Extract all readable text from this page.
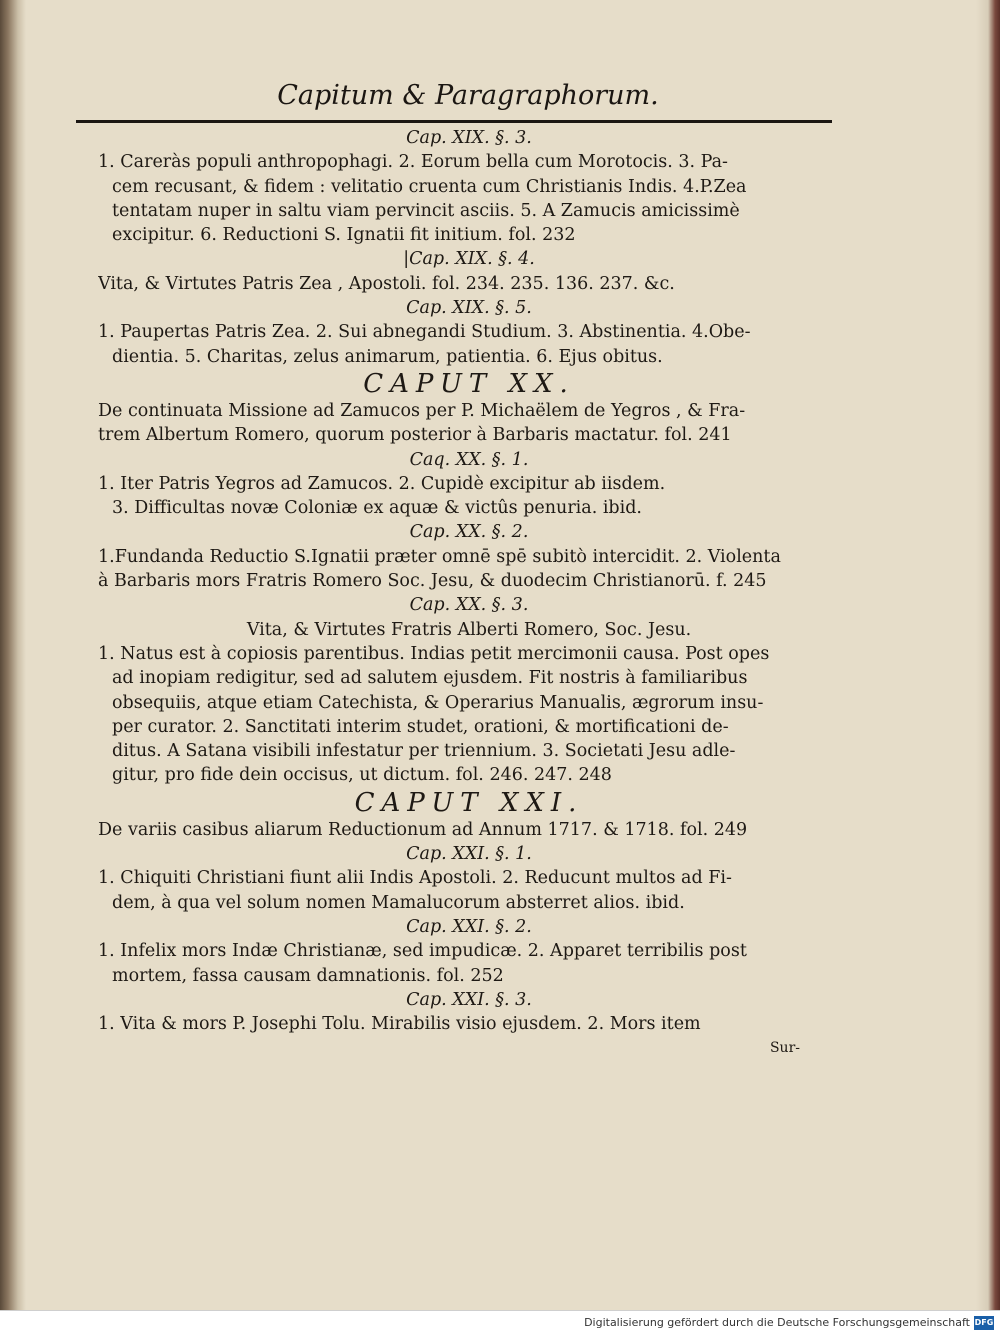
Capitum & Paragraphorum.
Cap. XIX. §. 3.
1. Careràs populi anthropophagi. 2. Eorum bella cum Morotocis. 3. Pa-
cem recusant, & fidem : velitatio cruenta cum Christianis Indis. 4.P.Zea
tentatam nuper in saltu viam pervincit asciis. 5. A Zamucis amicissimè
excipitur. 6. Reductioni S. Ignatii fit initium. fol. 232
|Cap. XIX. §. 4.
Vita, & Virtutes Patris Zea , Apostoli. fol. 234. 235. 136. 237. &c.
Cap. XIX. §. 5.
1. Paupertas Patris Zea. 2. Sui abnegandi Studium. 3. Abstinentia. 4.Obe-
dientia. 5. Charitas, zelus animarum, patientia. 6. Ejus obitus.
CAPUT XX.
De continuata Missione ad Zamucos per P. Michaëlem de Yegros , & Fra-
trem Albertum Romero, quorum posterior à Barbaris mactatur. fol. 241
Caq. XX. §. 1.
1. Iter Patris Yegros ad Zamucos. 2. Cupidè excipitur ab iisdem.
3. Difficultas novæ Coloniæ ex aquæ & victûs penuria. ibid.
Cap. XX. §. 2.
1.Fundanda Reductio S.Ignatii præter omnē spē subitò intercidit. 2. Violenta
à Barbaris mors Fratris Romero Soc. Jesu, & duodecim Christianorū. f. 245
Cap. XX. §. 3.
Vita, & Virtutes Fratris Alberti Romero, Soc. Jesu.
1. Natus est à copiosis parentibus. Indias petit mercimonii causa. Post opes
ad inopiam redigitur, sed ad salutem ejusdem. Fit nostris à familiaribus
obsequiis, atque etiam Catechista, & Operarius Manualis, ægrorum insu-
per curator. 2. Sanctitati interim studet, orationi, & mortificationi de-
ditus. A Satana visibili infestatur per triennium. 3. Societati Jesu adle-
gitur, pro fide dein occisus, ut dictum. fol. 246. 247. 248
CAPUT XXI.
De variis casibus aliarum Reductionum ad Annum 1717. & 1718. fol. 249
Cap. XXI. §. 1.
1. Chiquiti Christiani fiunt alii Indis Apostoli. 2. Reducunt multos ad Fi-
dem, à qua vel solum nomen Mamalucorum absterret alios. ibid.
Cap. XXI. §. 2.
1. Infelix mors Indæ Christianæ, sed impudicæ. 2. Apparet terribilis post
mortem, fassa causam damnationis. fol. 252
Cap. XXI. §. 3.
1. Vita & mors P. Josephi Tolu. Mirabilis visio ejusdem. 2. Mors item
Sur-
Digitalisierung gefördert durch die Deutsche Forschungsgemeinschaft DFG
